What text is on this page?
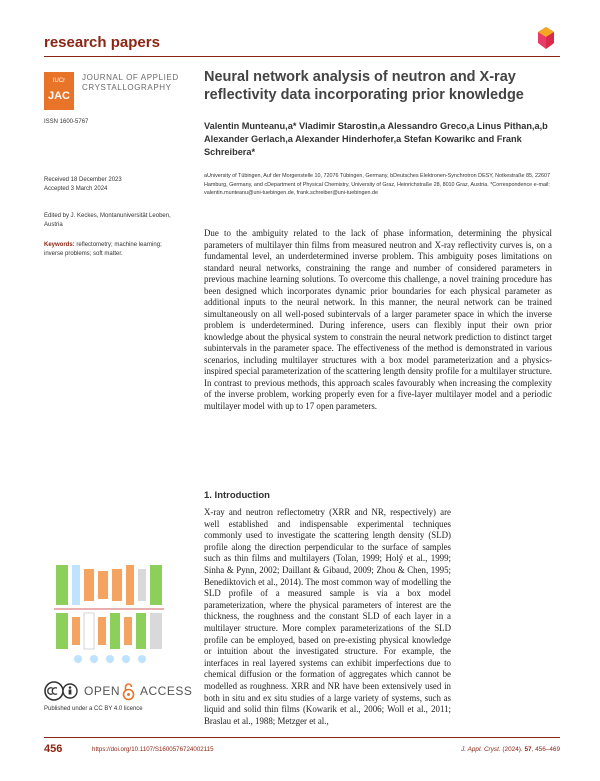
research papers
IUCr
JAC
JOURNAL OF APPLIED CRYSTALLOGRAPHY
ISSN 1600-5767
Neural network analysis of neutron and X-ray reflectivity data incorporating prior knowledge
Valentin Munteanu,a* Vladimir Starostin,a Alessandro Greco,a Linus Pithan,a,b Alexander Gerlach,a Alexander Hinderhofer,a Stefan Kowarikc and Frank Schreibera*
aUniversity of Tübingen, Auf der Morgenstelle 10, 72076 Tübingen, Germany, bDeutsches Elektronen-Synchrotron DESY, Notkestraße 85, 22607 Hamburg, Germany, and cDepartment of Physical Chemistry, University of Graz, Heinrichstraße 28, 8010 Graz, Austria. *Correspondence e-mail: valentin.munteanu@uni-tuebingen.de, frank.schreiber@uni-tuebingen.de
Received 18 December 2023
Accepted 3 March 2024
Edited by J. Keckes, Montanuniversität Leoben, Austria
Keywords: reflectometry; machine learning; inverse problems; soft matter.
Due to the ambiguity related to the lack of phase information, determining the physical parameters of multilayer thin films from measured neutron and X-ray reflectivity curves is, on a fundamental level, an underdetermined inverse problem. This ambiguity poses limitations on standard neural networks, constraining the range and number of considered parameters in previous machine learning solutions. To overcome this challenge, a novel training procedure has been designed which incorporates dynamic prior boundaries for each physical parameter as additional inputs to the neural network. In this manner, the neural network can be trained simultaneously on all well-posed subintervals of a larger parameter space in which the inverse problem is underdetermined. During inference, users can flexibly input their own prior knowledge about the physical system to constrain the neural network prediction to distinct target subintervals in the parameter space. The effectiveness of the method is demonstrated in various scenarios, including multilayer structures with a box model parameterization and a physics-inspired special parameterization of the scattering length density profile for a multilayer structure. In contrast to previous methods, this approach scales favourably when increasing the complexity of the inverse problem, working properly even for a five-layer multilayer model and a periodic multilayer model with up to 17 open parameters.
1. Introduction
X-ray and neutron reflectometry (XRR and NR, respectively) are well established and indispensable experimental techniques commonly used to investigate the scattering length density (SLD) profile along the direction perpendicular to the surface of samples such as thin films and multilayers (Tolan, 1999; Holý et al., 1999; Sinha & Pynn, 2002; Daillant & Gibaud, 2009; Zhou & Chen, 1995; Benediktovich et al., 2014). The most common way of modelling the SLD profile of a measured sample is via a box model parameterization, where the physical parameters of interest are the thickness, the roughness and the constant SLD of each layer in a multilayer structure. More complex parameterizations of the SLD profile can be employed, based on pre-existing physical knowledge or intuition about the investigated structure. For example, the interfaces in real layered systems can exhibit imperfections due to chemical diffusion or the formation of aggregates which cannot be modelled as roughness. XRR and NR have been extensively used in both in situ and ex situ studies of a large variety of systems, such as liquid and solid thin films (Kowarik et al., 2006; Woll et al., 2011; Braslau et al., 1988; Metzger et al.,
OPEN ACCESS
Published under a CC BY 4.0 licence
456	https://doi.org/10.1107/S1600576724002115	J. Appl. Cryst. (2024). 57, 456–469
